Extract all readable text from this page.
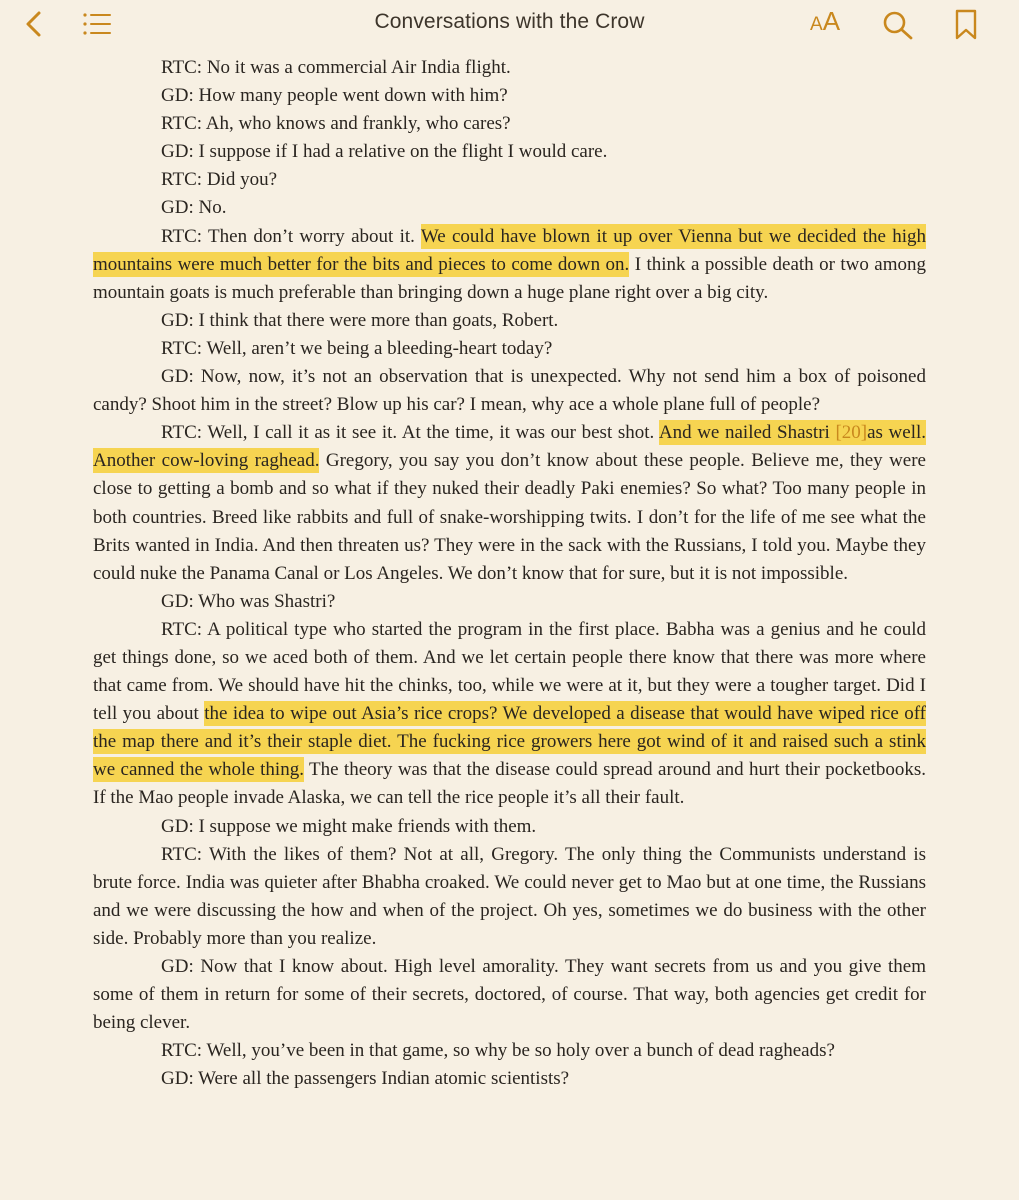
Conversations with the Crow	AA

RTC: No it was a commercial Air India flight.

GD: How many people went down with him?

RTC: Ah, who knows and frankly, who cares?

GD: I suppose if I had a relative on the flight I would care.

RTC: Did you?

GD: No.

RTC: Then don’t worry about it. We could have blown it up over Vienna but we decided the high mountains were much better for the bits and pieces to come down on. I think a possible death or two among mountain goats is much preferable than bringing down a huge plane right over a big city.

GD: I think that there were more than goats, Robert.

RTC: Well, aren’t we being a bleeding-heart today?

GD: Now, now, it’s not an observation that is unexpected. Why not send him a box of poisoned candy? Shoot him in the street? Blow up his car? I mean, why ace a whole plane full of people?

RTC: Well, I call it as it see it. At the time, it was our best shot. And we nailed Shastri [20]as well. Another cow-loving raghead. Gregory, you say you don’t know about these people. Believe me, they were close to getting a bomb and so what if they nuked their deadly Paki enemies? So what? Too many people in both countries. Breed like rabbits and full of snake-worshipping twits. I don’t for the life of me see what the Brits wanted in India. And then threaten us? They were in the sack with the Russians, I told you. Maybe they could nuke the Panama Canal or Los Angeles. We don’t know that for sure, but it is not impossible.

GD: Who was Shastri?

RTC: A political type who started the program in the first place. Babha was a genius and he could get things done, so we aced both of them. And we let certain people there know that there was more where that came from. We should have hit the chinks, too, while we were at it, but they were a tougher target. Did I tell you about the idea to wipe out Asia’s rice crops? We developed a disease that would have wiped rice off the map there and it’s their staple diet. The fucking rice growers here got wind of it and raised such a stink we canned the whole thing. The theory was that the disease could spread around and hurt their pocketbooks. If the Mao people invade Alaska, we can tell the rice people it’s all their fault.

GD: I suppose we might make friends with them.

RTC: With the likes of them? Not at all, Gregory. The only thing the Communists understand is brute force. India was quieter after Bhabha croaked. We could never get to Mao but at one time, the Russians and we were discussing the how and when of the project. Oh yes, sometimes we do business with the other side. Probably more than you realize.

GD: Now that I know about. High level amorality. They want secrets from us and you give them some of them in return for some of their secrets, doctored, of course. That way, both agencies get credit for being clever.

RTC: Well, you’ve been in that game, so why be so holy over a bunch of dead ragheads?

GD: Were all the passengers Indian atomic scientists?
